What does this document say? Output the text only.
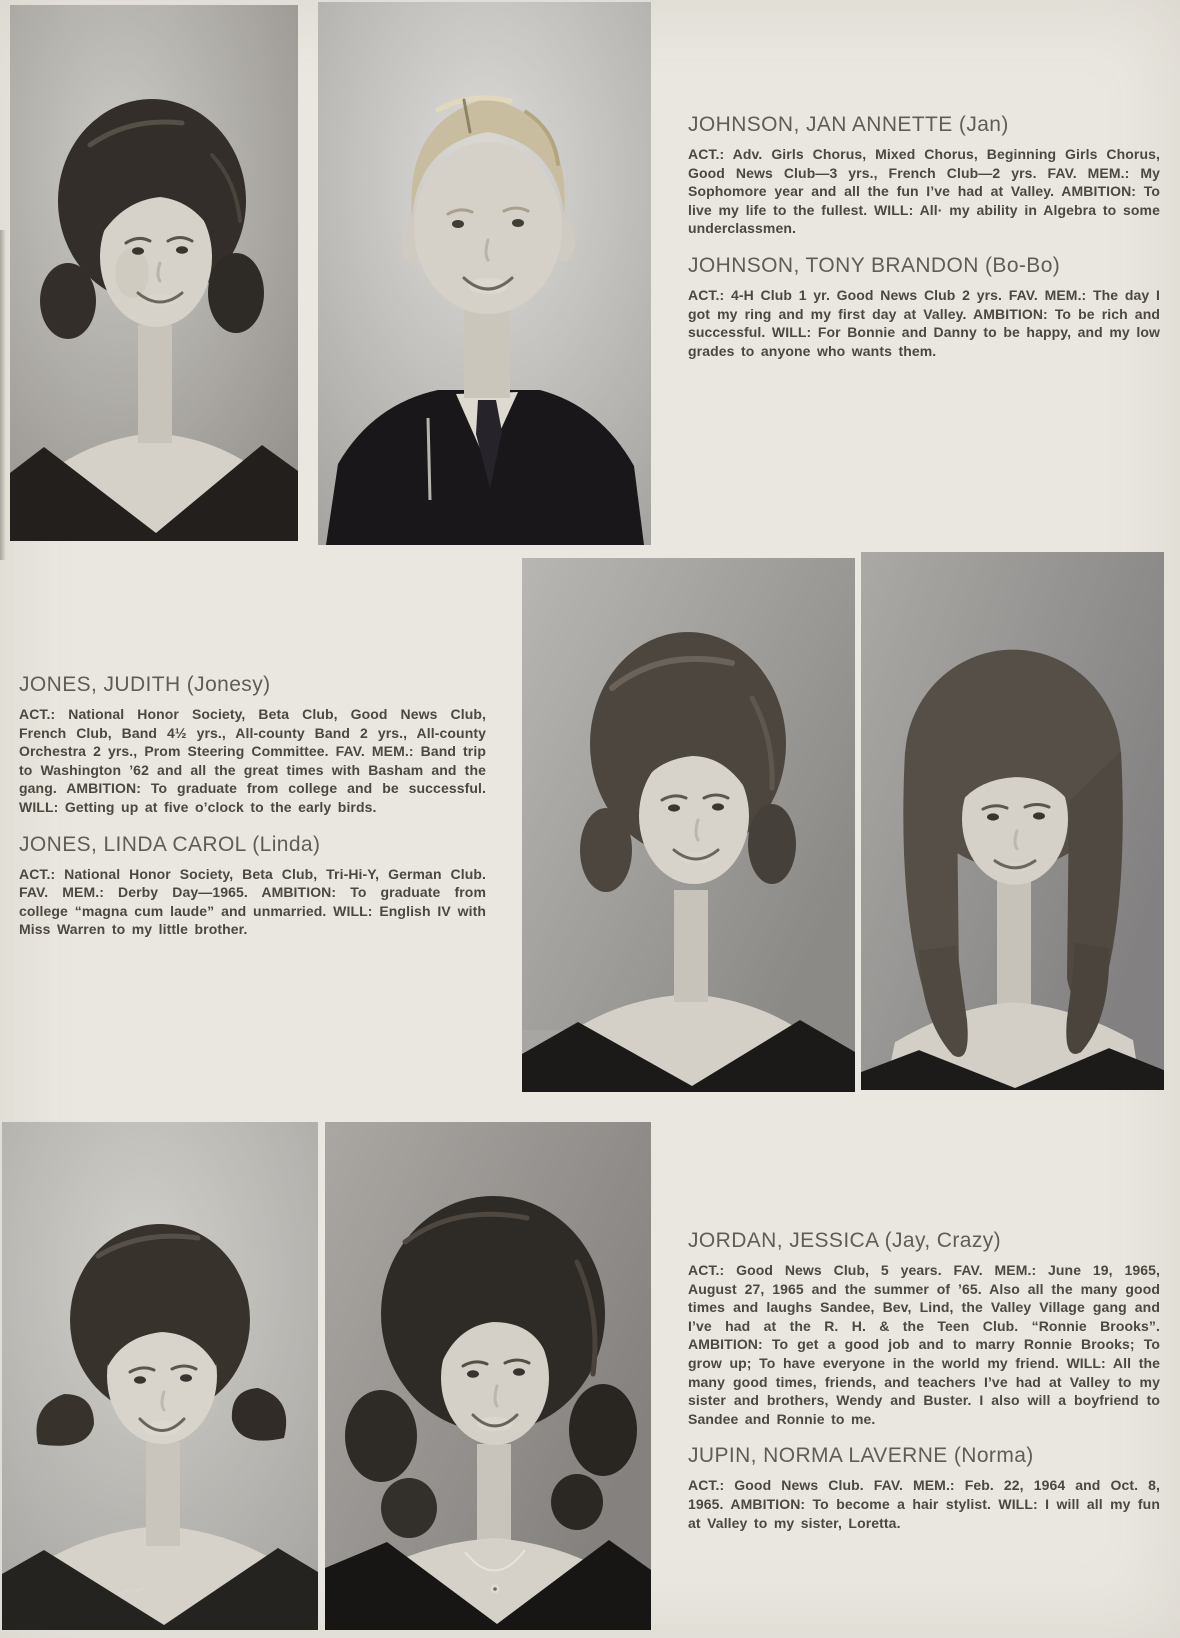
JOHNSON, JAN ANNETTE (Jan)

ACT.: Adv. Girls Chorus, Mixed Chorus, Beginning Girls Chorus, Good News Club—3 yrs., French Club—2 yrs. FAV. MEM.: My Sophomore year and all the fun I’ve had at Valley. AMBITION: To live my life to the fullest. WILL: All· my ability in Algebra to some underclassmen.

JOHNSON, TONY BRANDON (Bo-Bo)

ACT.: 4-H Club 1 yr. Good News Club 2 yrs. FAV. MEM.: The day I got my ring and my first day at Valley. AMBITION: To be rich and successful. WILL: For Bonnie and Danny to be happy, and my low grades to anyone who wants them.

JONES, JUDITH (Jonesy)

ACT.: National Honor Society, Beta Club, Good News Club, French Club, Band 4½ yrs., All-county Band 2 yrs., All-county Orchestra 2 yrs., Prom Steering Committee. FAV. MEM.: Band trip to Washington ’62 and all the great times with Basham and the gang. AMBITION: To graduate from college and be successful. WILL: Getting up at five o’clock to the early birds.

JONES, LINDA CAROL (Linda)

ACT.: National Honor Society, Beta Club, Tri-Hi-Y, German Club. FAV. MEM.: Derby Day—1965. AMBITION: To graduate from college “magna cum laude” and unmarried. WILL: English IV with Miss Warren to my little brother.

JORDAN, JESSICA (Jay, Crazy)

ACT.: Good News Club, 5 years. FAV. MEM.: June 19, 1965, August 27, 1965 and the summer of ’65. Also all the many good times and laughs Sandee, Bev, Lind, the Valley Village gang and I’ve had at the R. H. & the Teen Club. “Ronnie Brooks”. AMBITION: To get a good job and to marry Ronnie Brooks; To grow up; To have everyone in the world my friend. WILL: All the many good times, friends, and teachers I’ve had at Valley to my sister and brothers, Wendy and Buster. I also will a boyfriend to Sandee and Ronnie to me.

JUPIN, NORMA LAVERNE (Norma)

ACT.: Good News Club. FAV. MEM.: Feb. 22, 1964 and Oct. 8, 1965. AMBITION: To become a hair stylist. WILL: I will all my fun at Valley to my sister, Loretta.
